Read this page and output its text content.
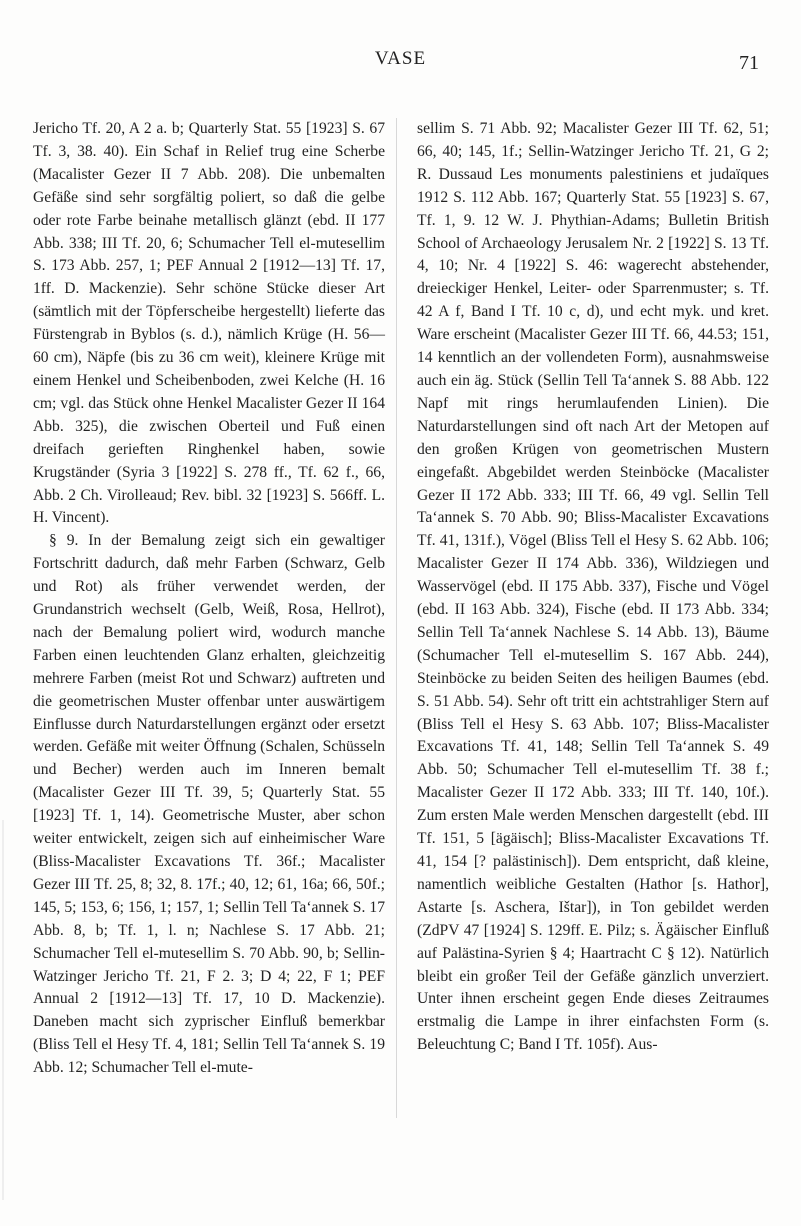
VASE	71

Jericho Tf. 20, A 2 a. b; Quarterly Stat. 55 [1923] S. 67 Tf. 3, 38. 40). Ein Schaf in Relief trug eine Scherbe (Macalister Gezer II 7 Abb. 208). Die unbemalten Gefäße sind sehr sorgfältig poliert, so daß die gelbe oder rote Farbe beinahe metallisch glänzt (ebd. II 177 Abb. 338; III Tf. 20, 6; Schumacher Tell el-mutesellim S. 173 Abb. 257, 1; PEF Annual 2 [1912—13] Tf. 17, 1ff. D. Mackenzie). Sehr schöne Stücke dieser Art (sämtlich mit der Töpferscheibe hergestellt) lieferte das Fürstengrab in Byblos (s. d.), nämlich Krüge (H. 56—60 cm), Näpfe (bis zu 36 cm weit), kleinere Krüge mit einem Henkel und Scheibenboden, zwei Kelche (H. 16 cm; vgl. das Stück ohne Henkel Macalister Gezer II 164 Abb. 325), die zwischen Oberteil und Fuß einen dreifach gerieften Ringhenkel haben, sowie Krugständer (Syria 3 [1922] S. 278 ff., Tf. 62 f., 66, Abb. 2 Ch. Virolleaud; Rev. bibl. 32 [1923] S. 566ff. L. H. Vincent).

§ 9. In der Bemalung zeigt sich ein gewaltiger Fortschritt dadurch, daß mehr Farben (Schwarz, Gelb und Rot) als früher verwendet werden, der Grundanstrich wechselt (Gelb, Weiß, Rosa, Hellrot), nach der Bemalung poliert wird, wodurch manche Farben einen leuchtenden Glanz erhalten, gleichzeitig mehrere Farben (meist Rot und Schwarz) auftreten und die geometrischen Muster offenbar unter auswärtigem Einflusse durch Naturdarstellungen ergänzt oder ersetzt werden. Gefäße mit weiter Öffnung (Schalen, Schüsseln und Becher) werden auch im Inneren bemalt (Macalister Gezer III Tf. 39, 5; Quarterly Stat. 55 [1923] Tf. 1, 14). Geometrische Muster, aber schon weiter entwickelt, zeigen sich auf einheimischer Ware (Bliss-Macalister Excavations Tf. 36f.; Macalister Gezer III Tf. 25, 8; 32, 8. 17f.; 40, 12; 61, 16a; 66, 50f.; 145, 5; 153, 6; 156, 1; 157, 1; Sellin Tell Ta‘annek S. 17 Abb. 8, b; Tf. 1, l. n; Nachlese S. 17 Abb. 21; Schumacher Tell el-mutesellim S. 70 Abb. 90, b; Sellin-Watzinger Jericho Tf. 21, F 2. 3; D 4; 22, F 1; PEF Annual 2 [1912—13] Tf. 17, 10 D. Mackenzie). Daneben macht sich zyprischer Einfluß bemerkbar (Bliss Tell el Hesy Tf. 4, 181; Sellin Tell Ta‘annek S. 19 Abb. 12; Schumacher Tell el-mute-

sellim S. 71 Abb. 92; Macalister Gezer III Tf. 62, 51; 66, 40; 145, 1f.; Sellin-Watzinger Jericho Tf. 21, G 2; R. Dussaud Les monuments palestiniens et judaïques 1912 S. 112 Abb. 167; Quarterly Stat. 55 [1923] S. 67, Tf. 1, 9. 12 W. J. Phythian-Adams; Bulletin British School of Archaeology Jerusalem Nr. 2 [1922] S. 13 Tf. 4, 10; Nr. 4 [1922] S. 46: wagerecht abstehender, dreieckiger Henkel, Leiter- oder Sparrenmuster; s. Tf. 42 A f, Band I Tf. 10 c, d), und echt myk. und kret. Ware erscheint (Macalister Gezer III Tf. 66, 44.53; 151, 14 kenntlich an der vollendeten Form), ausnahmsweise auch ein äg. Stück (Sellin Tell Ta‘annek S. 88 Abb. 122 Napf mit rings herumlaufenden Linien). Die Naturdarstellungen sind oft nach Art der Metopen auf den großen Krügen von geometrischen Mustern eingefaßt. Abgebildet werden Steinböcke (Macalister Gezer II 172 Abb. 333; III Tf. 66, 49 vgl. Sellin Tell Ta‘annek S. 70 Abb. 90; Bliss-Macalister Excavations Tf. 41, 131f.), Vögel (Bliss Tell el Hesy S. 62 Abb. 106; Macalister Gezer II 174 Abb. 336), Wildziegen und Wasservögel (ebd. II 175 Abb. 337), Fische und Vögel (ebd. II 163 Abb. 324), Fische (ebd. II 173 Abb. 334; Sellin Tell Ta‘annek Nachlese S. 14 Abb. 13), Bäume (Schumacher Tell el-mutesellim S. 167 Abb. 244), Steinböcke zu beiden Seiten des heiligen Baumes (ebd. S. 51 Abb. 54). Sehr oft tritt ein achtstrahliger Stern auf (Bliss Tell el Hesy S. 63 Abb. 107; Bliss-Macalister Excavations Tf. 41, 148; Sellin Tell Ta‘annek S. 49 Abb. 50; Schumacher Tell el-mutesellim Tf. 38 f.; Macalister Gezer II 172 Abb. 333; III Tf. 140, 10f.). Zum ersten Male werden Menschen dargestellt (ebd. III Tf. 151, 5 [ägäisch]; Bliss-Macalister Excavations Tf. 41, 154 [? palästinisch]). Dem entspricht, daß kleine, namentlich weibliche Gestalten (Hathor [s. Hathor], Astarte [s. Aschera, Ištar]), in Ton gebildet werden (ZdPV 47 [1924] S. 129ff. E. Pilz; s. Ägäischer Einfluß auf Palästina-Syrien § 4; Haartracht C § 12). Natürlich bleibt ein großer Teil der Gefäße gänzlich unverziert. Unter ihnen erscheint gegen Ende dieses Zeitraumes erstmalig die Lampe in ihrer einfachsten Form (s. Beleuchtung C; Band I Tf. 105f). Aus-
